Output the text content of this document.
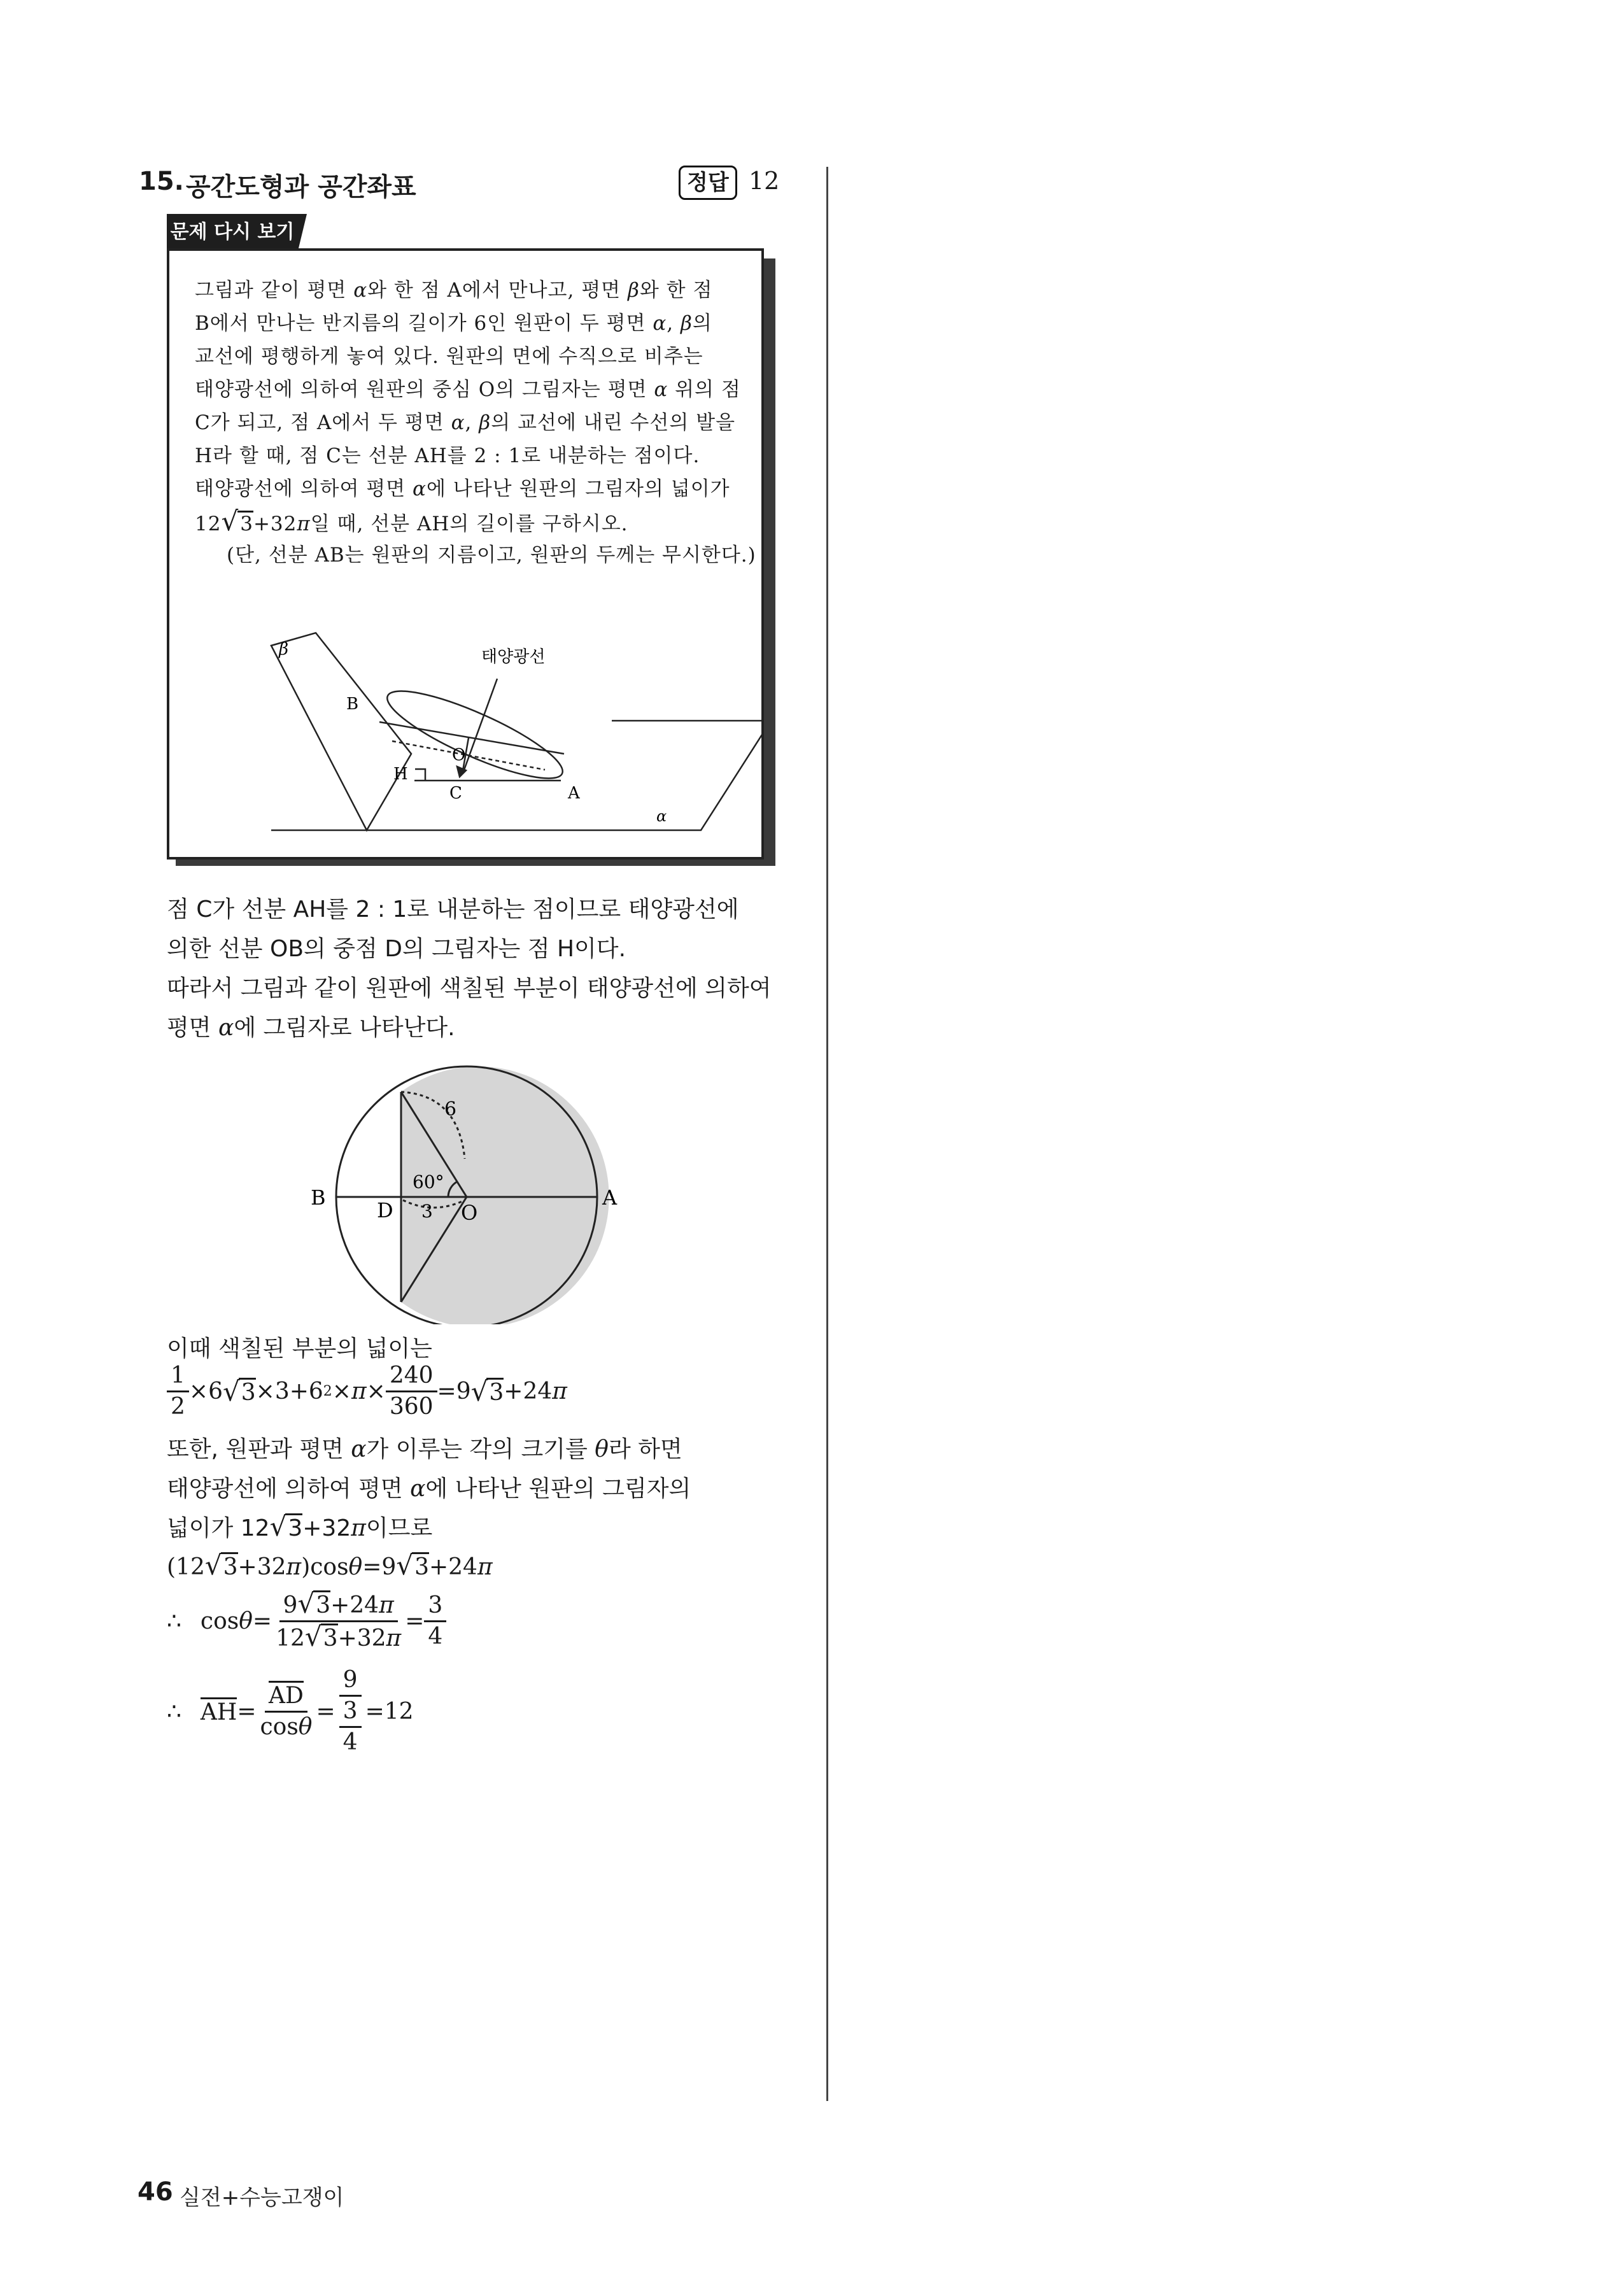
15. 공간도형과 공간좌표	정답 12
문제 다시 보기
그림과 같이 평면 α와 한 점 A에서 만나고, 평면 β와 한 점
B에서 만나는 반지름의 길이가 6인 원판이 두 평면 α, β의
교선에 평행하게 놓여 있다. 원판의 면에 수직으로 비추는
태양광선에 의하여 원판의 중심 O의 그림자는 평면 α 위의 점
C가 되고, 점 A에서 두 평면 α, β의 교선에 내린 수선의 발을
H라 할 때, 점 C는 선분 AH를 2 : 1로 내분하는 점이다.
태양광선에 의하여 평면 α에 나타난 원판의 그림자의 넓이가
12√3+32π일 때, 선분 AH의 길이를 구하시오.
(단, 선분 AB는 원판의 지름이고, 원판의 두께는 무시한다.)
β	태양광선
B
O
H
C	A
α
점 C가 선분 AH를 2 : 1로 내분하는 점이므로 태양광선에
의한 선분 OB의 중점 D의 그림자는 점 H이다.
따라서 그림과 같이 원판에 색칠된 부분이 태양광선에 의하여
평면 α에 그림자로 나타난다.
6
60°
B
D 3 O
A
이때 색칠된 부분의 넓이는
$\frac{1}{2} \times 6$ √ 3 ×3+6 $2 \times \pi \times \frac{240}{360} =9$ √ 3 +24 π
또한, 원판과 평면 α가 이루는 각의 크기를 θ라 하면
태양광선에 의하여 평면 α에 나타난 원판의 그림자의
넓이가 12√3+32π이므로
(12√3+32π)cosθ=9√3+24π
∴ $\cos \theta = \frac{9√3+24\pi}{12√3+32\pi} = \frac{3}{4}$
∴ AH = $\frac{AD}{\cos\theta} = \frac{9}{\frac{3}{4}} =12$
46 실전+수능고쟁이
